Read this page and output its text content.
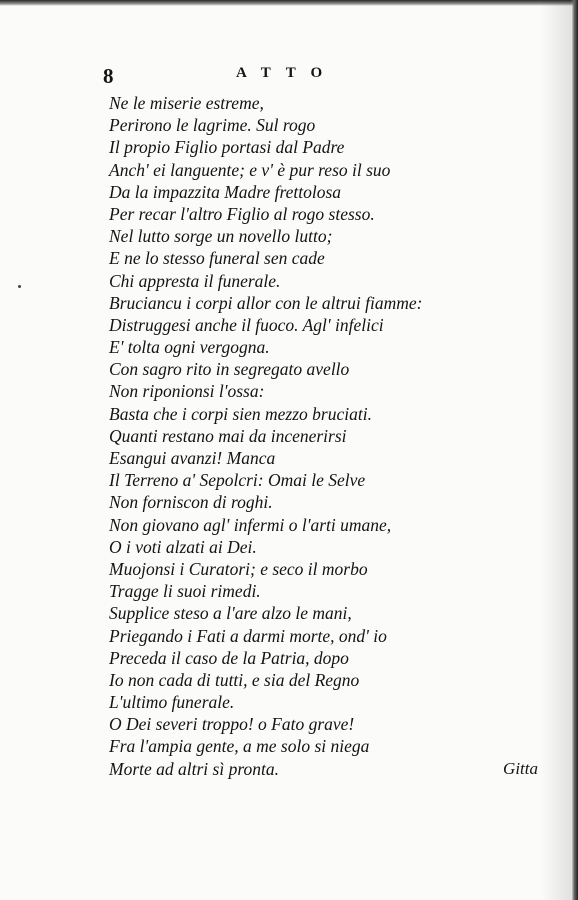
8	ATTO
Ne le miserie estreme,
Perirono le lagrime. Sul rogo
Il propio Figlio portasi dal Padre
Anch' ei languente; e v' è pur reso il suo
Da la impazzita Madre frettolosa
Per recar l'altro Figlio al rogo stesso.
Nel lutto sorge un novello lutto;
E ne lo stesso funeral sen cade
Chi appresta il funerale.
Brucianси i corpi allor con le altrui fiamme:
Distruggesi anche il fuoco. Agl' infelici
E' tolta ogni vergogna.
Con sagro rito in segregato avello
Non riponionsi l'ossa:
Basta che i corpi sien mezzo bruciati.
Quanti restano mai da incenerirsi
Esangui avanzi! Manca
Il Terreno a' Sepolcri: Omai le Selve
Non forniscon di roghi.
Non giovano agl' infermi o l'arti umane,
O i voti alzati ai Dei.
Muojonsi i Curatori; e seco il morbo
Tragge li suoi rimedi.
Supplice steso a l'are alzo le mani,
Priegando i Fati a darmi morte, ond' io
Preceda il caso de la Patria, dopo
Io non cada di tutti, e sia del Regno
L'ultimo funerale.
O Dei severi troppo! o Fato grave!
Fra l'ampia gente, a me solo si niega
Morte ad altri sì pronta.	Gitta
